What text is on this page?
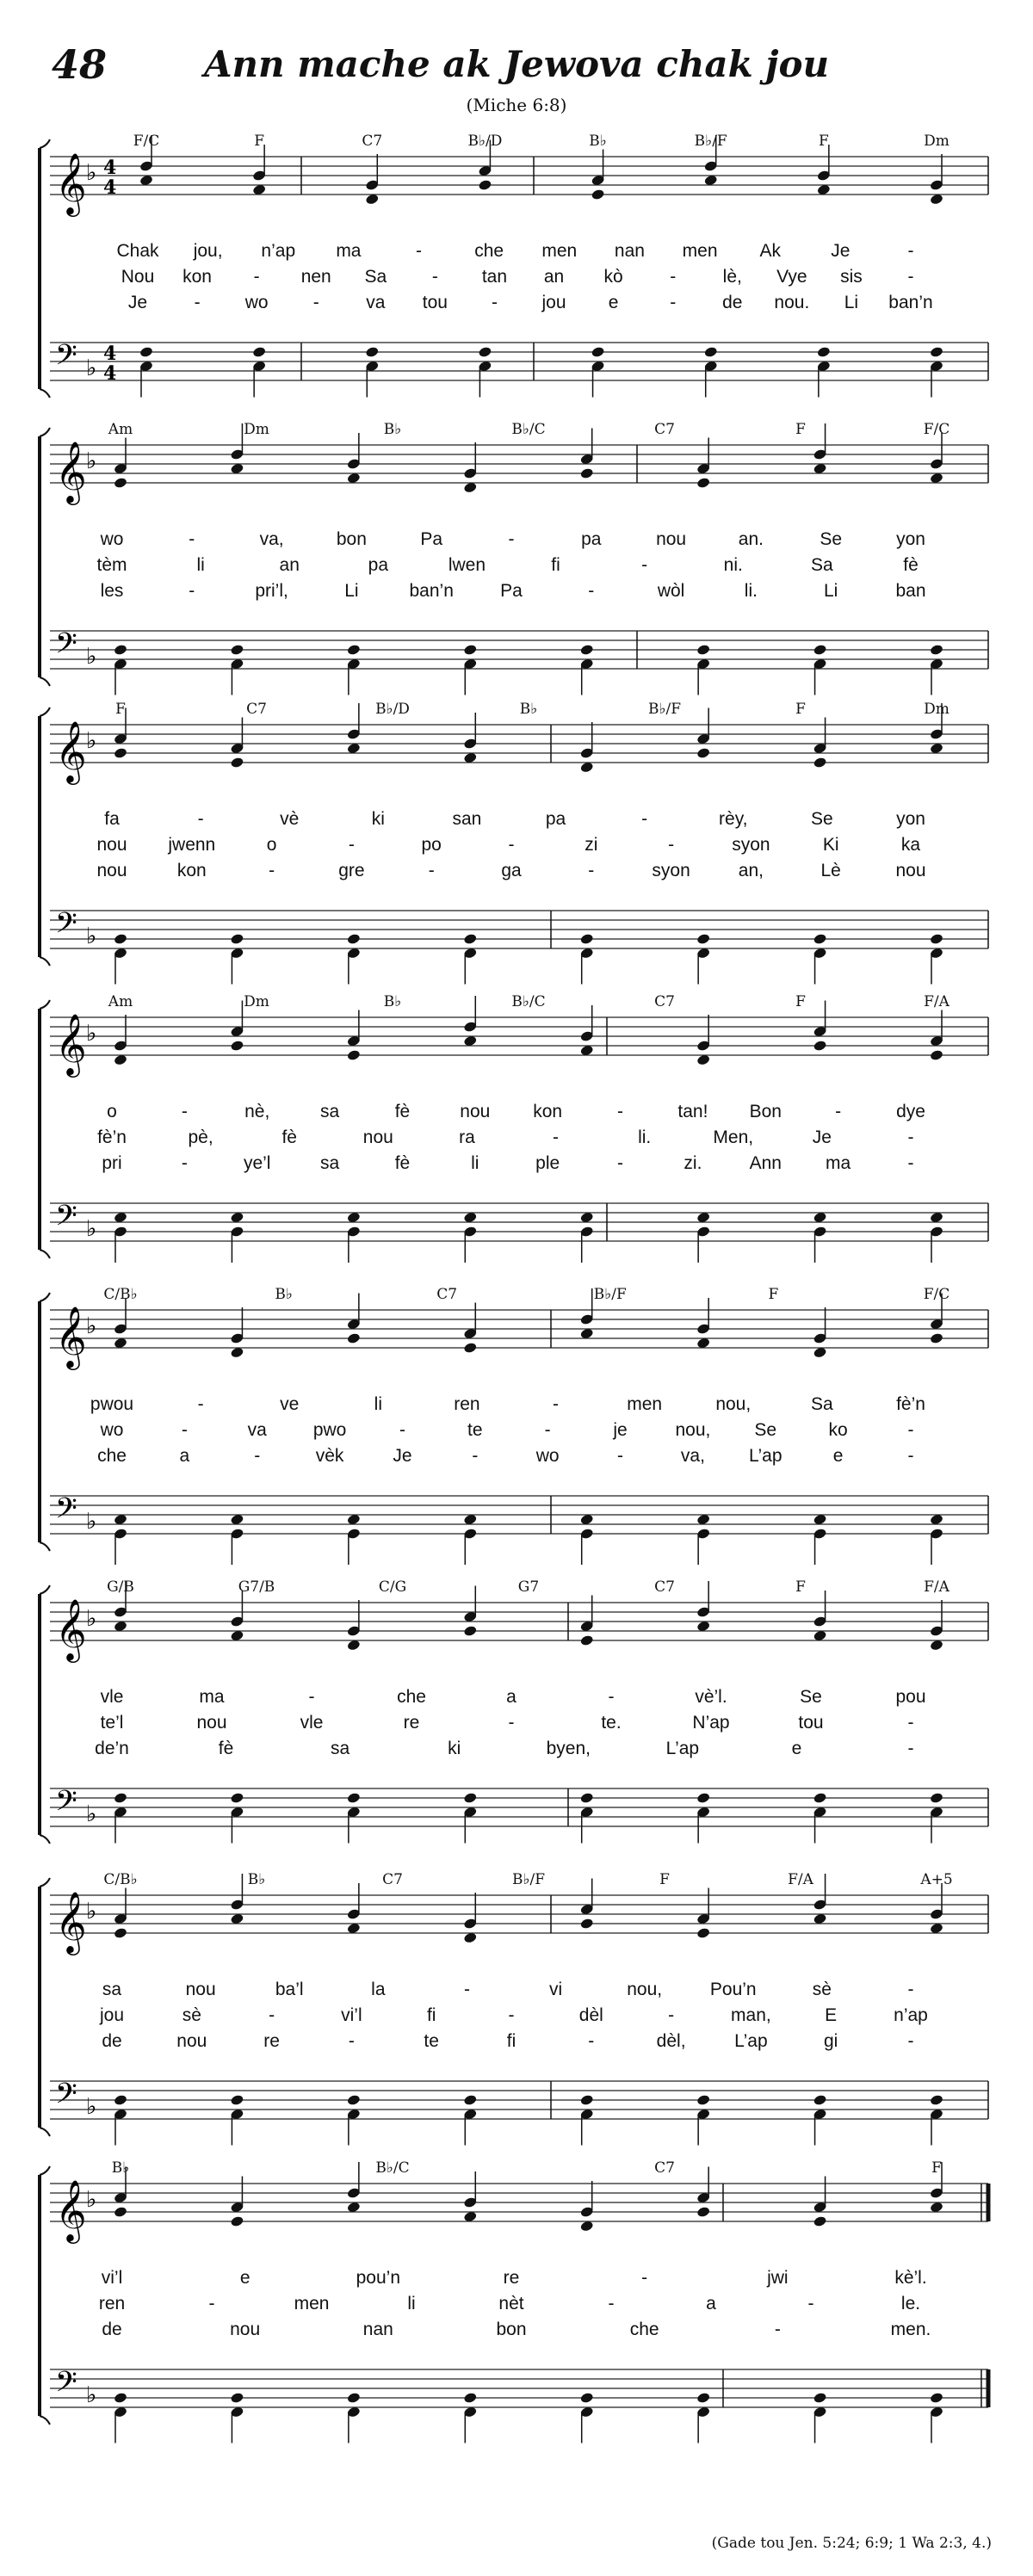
48	Ann mache ak Jewova chak jou
(Miche 6:8)
𝄞 ♭ 4
4
𝄢 ♭
4
4
F/C	F	C7	B♭/D	B♭	B♭/F	F	Dm
Chak jou, n’ap ma	-	che men nan men Ak	Je	-
Nou kon - nen Sa	- tan an kò	-	lè, Vye sis	-
Je	- wo -	va tou - jou e	-	de nou. Li ban’n
𝄞 ♭
𝄢 ♭
Am	Dm	B♭	B♭/C	C7	F	F/C
wo	-	va,	bon	Pa	-	pa	nou	an.	Se	yon
tèm	li	an	pa	lwen	fi	-	ni.	Sa	fè
les	-	pri’l,	Li	ban’n	Pa	-	wòl	li.	Li	ban
𝄞 ♭
𝄢 ♭
F	C7	B♭/D	B♭	B♭/F	F	Dm
fa	-	vè	ki	san	pa	-	rèy,	Se	yon
nou jwenn	o	-	po	-	zi	-	syon	Ki	ka
nou	kon	-	gre	-	ga	-	syon	an,	Lè	nou
𝄞 ♭
𝄢 ♭
Am	Dm	B♭	B♭/C	C7	F	F/A
o	-	nè,	sa	fè	nou kon	-	tan! Bon	-	dye
fè’n	pè,	fè	nou	ra	-	li.	Men,	Je	-
pri	-	ye’l	sa	fè	li	ple	-	zi.	Ann ma	-
𝄞 ♭
𝄢 ♭
C/B♭	B♭	C7	B♭/F	F	F/C
pwou	-	ve	li	ren	-	men	nou,	Sa	fè’n
wo	-	va	pwo	-	te	-	je	nou, Se	ko	-
che	a	-	vèk	Je	-	wo	-	va, L’ap	e	-
𝄞 ♭
𝄢 ♭
G/B	G7/B	C/G	G7	C7	F	F/A
vle	ma	-	che	a	-	vè’l.	Se	pou
te’l	nou	vle	re	-	te.	N’ap	tou	-
de’n	fè	sa	ki	byen,	L’ap	e	-
𝄞 ♭
𝄢 ♭
C/B♭	B♭	C7	B♭/F	F	F/A	A+5
sa	nou	ba’l	la	-	vi	nou,	Pou’n	sè	-
jou	sè	-	vi’l	fi	-	dèl	-	man,	E	n’ap
de	nou	re	-	te	fi	-	dèl,	L’ap	gi	-
𝄞 ♭
𝄢 ♭
B♭	B♭/C	C7	F
vi’l	e	pou’n	re	-	jwi	kè’l.
ren	-	men	li	nèt	-	a	-	le.
de	nou	nan	bon	che	-	men.
(Gade tou Jen. 5:24; 6:9; 1 Wa 2:3, 4.)
